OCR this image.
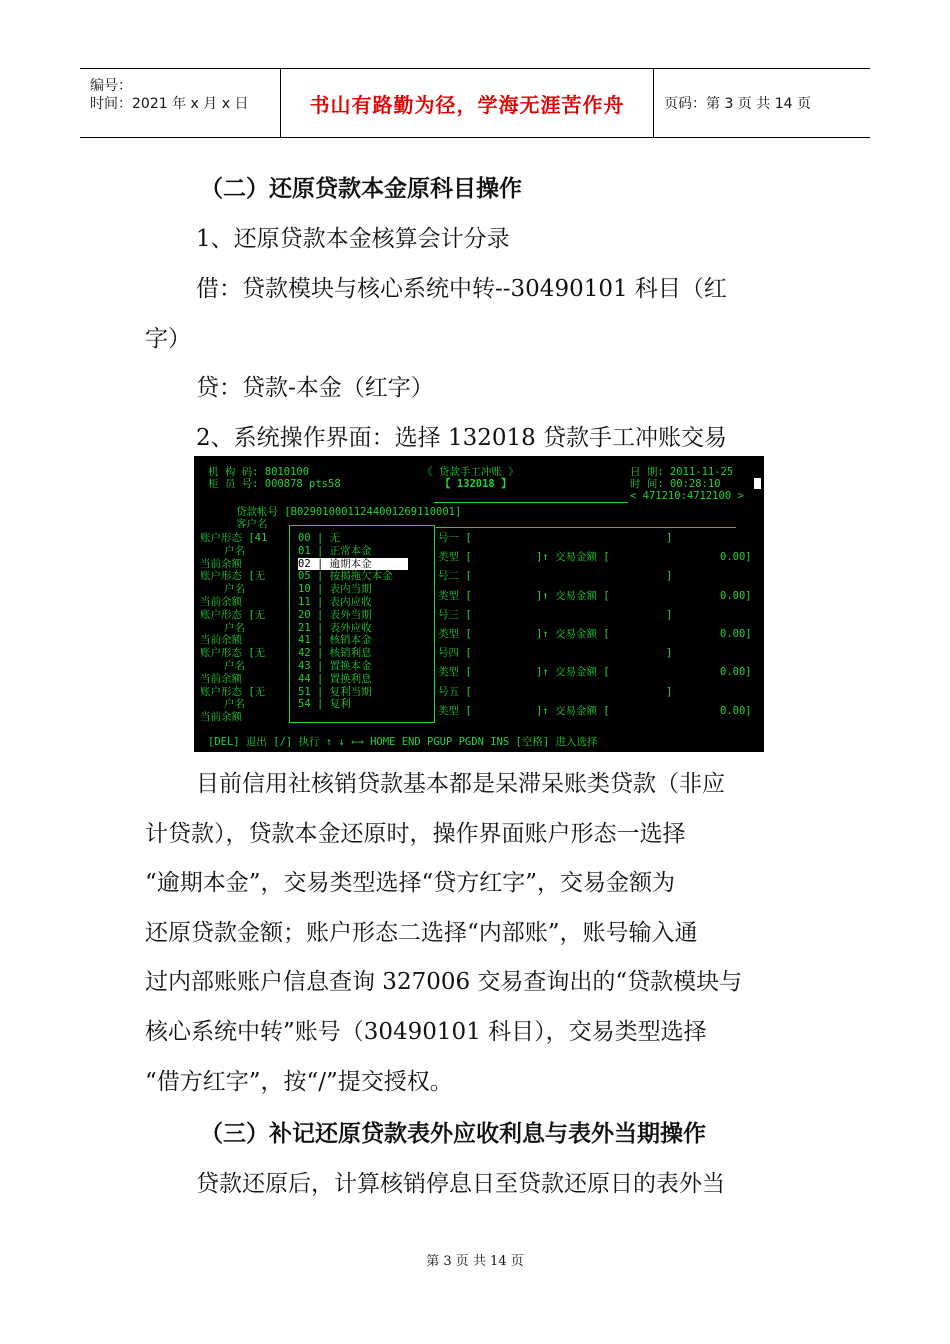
编号：
时间：2021 年 x 月 x 日	书山有路勤为径，学海无涯苦作舟	页码：第 3 页 共 14 页
（二）还原贷款本金原科目操作
1、还原贷款本金核算会计分录
借：贷款模块与核心系统中转--30490101 科目（红
字）
贷：贷款-本金（红字）
2、系统操作界面：选择 132018 贷款手工冲账交易
机 构 码: 8010100
柜 员 号: 000878 pts58
《 贷款手工冲账 》
【 132018 】
日 期: 2011-11-25
时 间: 00:28:10
< 471210:4712100 >
贷款帐号 [B0290100011244001269110001]
客户名
账户形态 [41
户名
当前余额
账户形态 [无
户名
当前余额
账户形态 [无
户名
当前余额
账户形态 [无
户名
当前余额
账户形态 [无
户名
当前余额
00 | 无
01 | 正常本金
02 | 逾期本金
05 | 按揭拖欠本金
10 | 表内当期
11 | 表内应收
20 | 表外当期
21 | 表外应收
41 | 核销本金
42 | 核销利息
43 | 置换本金
44 | 置换利息
51 | 复利当期
54 | 复利
号一 [	]
类型 [	]↑ 交易金额 [	0.00]
号二 [	]
类型 [	]↑ 交易金额 [	0.00]
号三 [	]
类型 [	]↑ 交易金额 [	0.00]
号四 [	]
类型 [	]↑ 交易金额 [	0.00]
号五 [	]
类型 [	]↑ 交易金额 [	0.00]
[DEL] 退出 [/] 执行 ↑ ↓ ←→ HOME END PGUP PGDN INS [空格] 进入选择
目前信用社核销贷款基本都是呆滞呆账类贷款（非应
计贷款），贷款本金还原时，操作界面账户形态一选择
“逾期本金”，交易类型选择“贷方红字”，交易金额为
还原贷款金额；账户形态二选择“内部账”，账号输入通
过内部账账户信息查询 327006 交易查询出的“贷款模块与
核心系统中转”账号（30490101 科目），交易类型选择
“借方红字”，按“/”提交授权。
（三）补记还原贷款表外应收利息与表外当期操作
贷款还原后，计算核销停息日至贷款还原日的表外当
第 3 页 共 14 页
